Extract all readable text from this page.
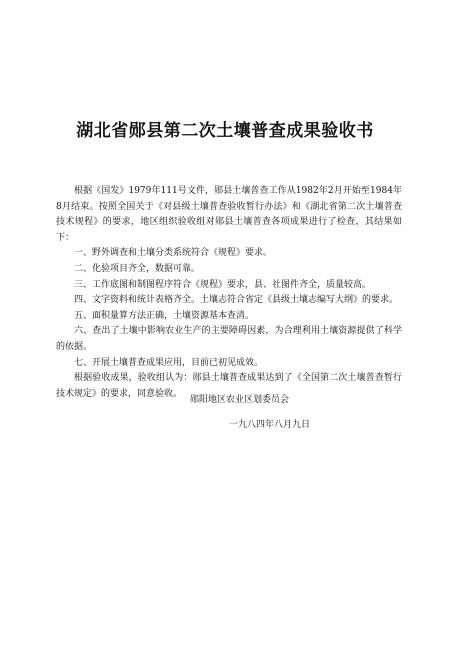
湖北省郧县第二次土壤普查成果验收书

根据《国发》1979年111号文件，郧县土壤普查工作从1982年2月开始至1984年8月结束。按照全国关于《对县级土壤普查验收暂行办法》和《湖北省第二次土壤普查技术规程》的要求，地区组织验收组对郧县土壤普查各项成果进行了检查，其结果如下：

一、野外调查和土壤分类系统符合《规程》要求。

二、化验项目齐全，数据可靠。

三、工作底图和制图程序符合《规程》要求，县、社图件齐全，质量较高。

四、文字资料和统计表格齐全。土壤志符合省定《县级土壤志编写大纲》的要求。

五、面积量算方法正确，土壤资源基本查清。

六、查出了土壤中影响农业生产的主要障碍因素，为合理利用土壤资源提供了科学的依据。

七、开展土壤普查成果应用，目前已初见成效。

根据验收成果，验收组认为：郧县土壤普查成果达到了《全国第二次土壤普查暂行技术规定》的要求，同意验收。

郧阳地区农业区划委员会
一九八四年八月九日
